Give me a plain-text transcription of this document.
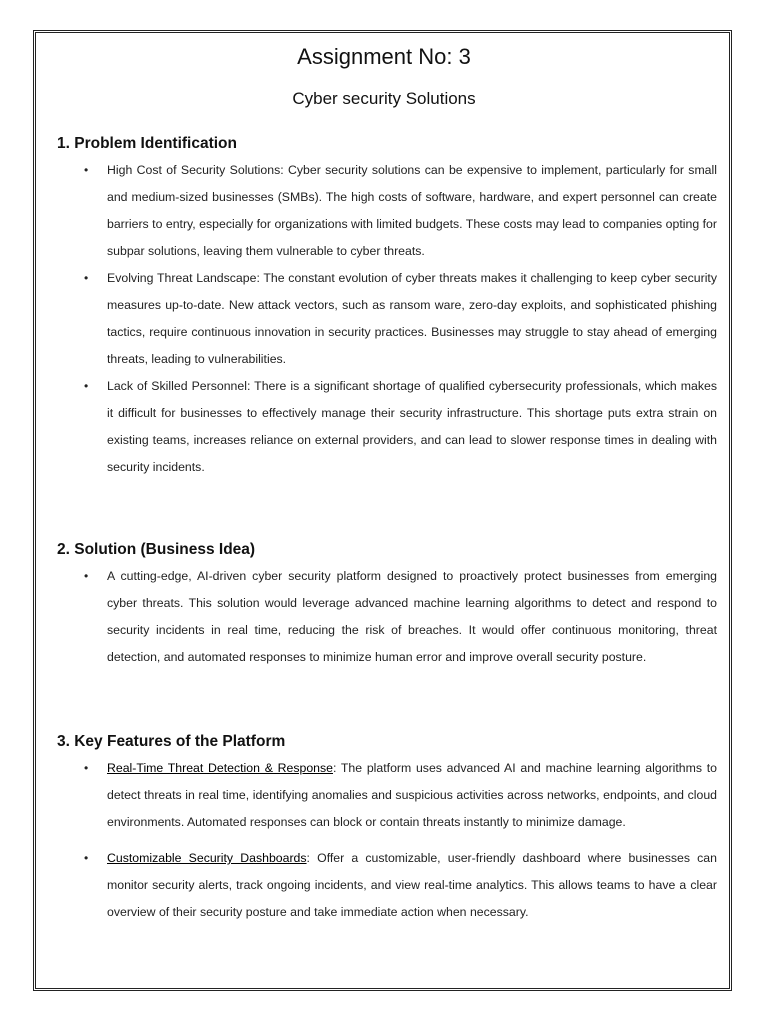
Assignment No: 3
Cyber security Solutions
1. Problem Identification
• High Cost of Security Solutions: Cyber security solutions can be expensive to implement, particularly for small and medium-sized businesses (SMBs). The high costs of software, hardware, and expert personnel can create barriers to entry, especially for organizations with limited budgets. These costs may lead to companies opting for subpar solutions, leaving them vulnerable to cyber threats.
• Evolving Threat Landscape: The constant evolution of cyber threats makes it challenging to keep cyber security measures up-to-date. New attack vectors, such as ransom ware, zero-day exploits, and sophisticated phishing tactics, require continuous innovation in security practices. Businesses may struggle to stay ahead of emerging threats, leading to vulnerabilities.
• Lack of Skilled Personnel: There is a significant shortage of qualified cybersecurity professionals, which makes it difficult for businesses to effectively manage their security infrastructure. This shortage puts extra strain on existing teams, increases reliance on external providers, and can lead to slower response times in dealing with security incidents.
2. Solution (Business Idea)
• A cutting-edge, AI-driven cyber security platform designed to proactively protect businesses from emerging cyber threats. This solution would leverage advanced machine learning algorithms to detect and respond to security incidents in real time, reducing the risk of breaches. It would offer continuous monitoring, threat detection, and automated responses to minimize human error and improve overall security posture.
3. Key Features of the Platform
• Real-Time Threat Detection & Response: The platform uses advanced AI and machine learning algorithms to detect threats in real time, identifying anomalies and suspicious activities across networks, endpoints, and cloud environments. Automated responses can block or contain threats instantly to minimize damage.
• Customizable Security Dashboards: Offer a customizable, user-friendly dashboard where businesses can monitor security alerts, track ongoing incidents, and view real-time analytics. This allows teams to have a clear overview of their security posture and take immediate action when necessary.
